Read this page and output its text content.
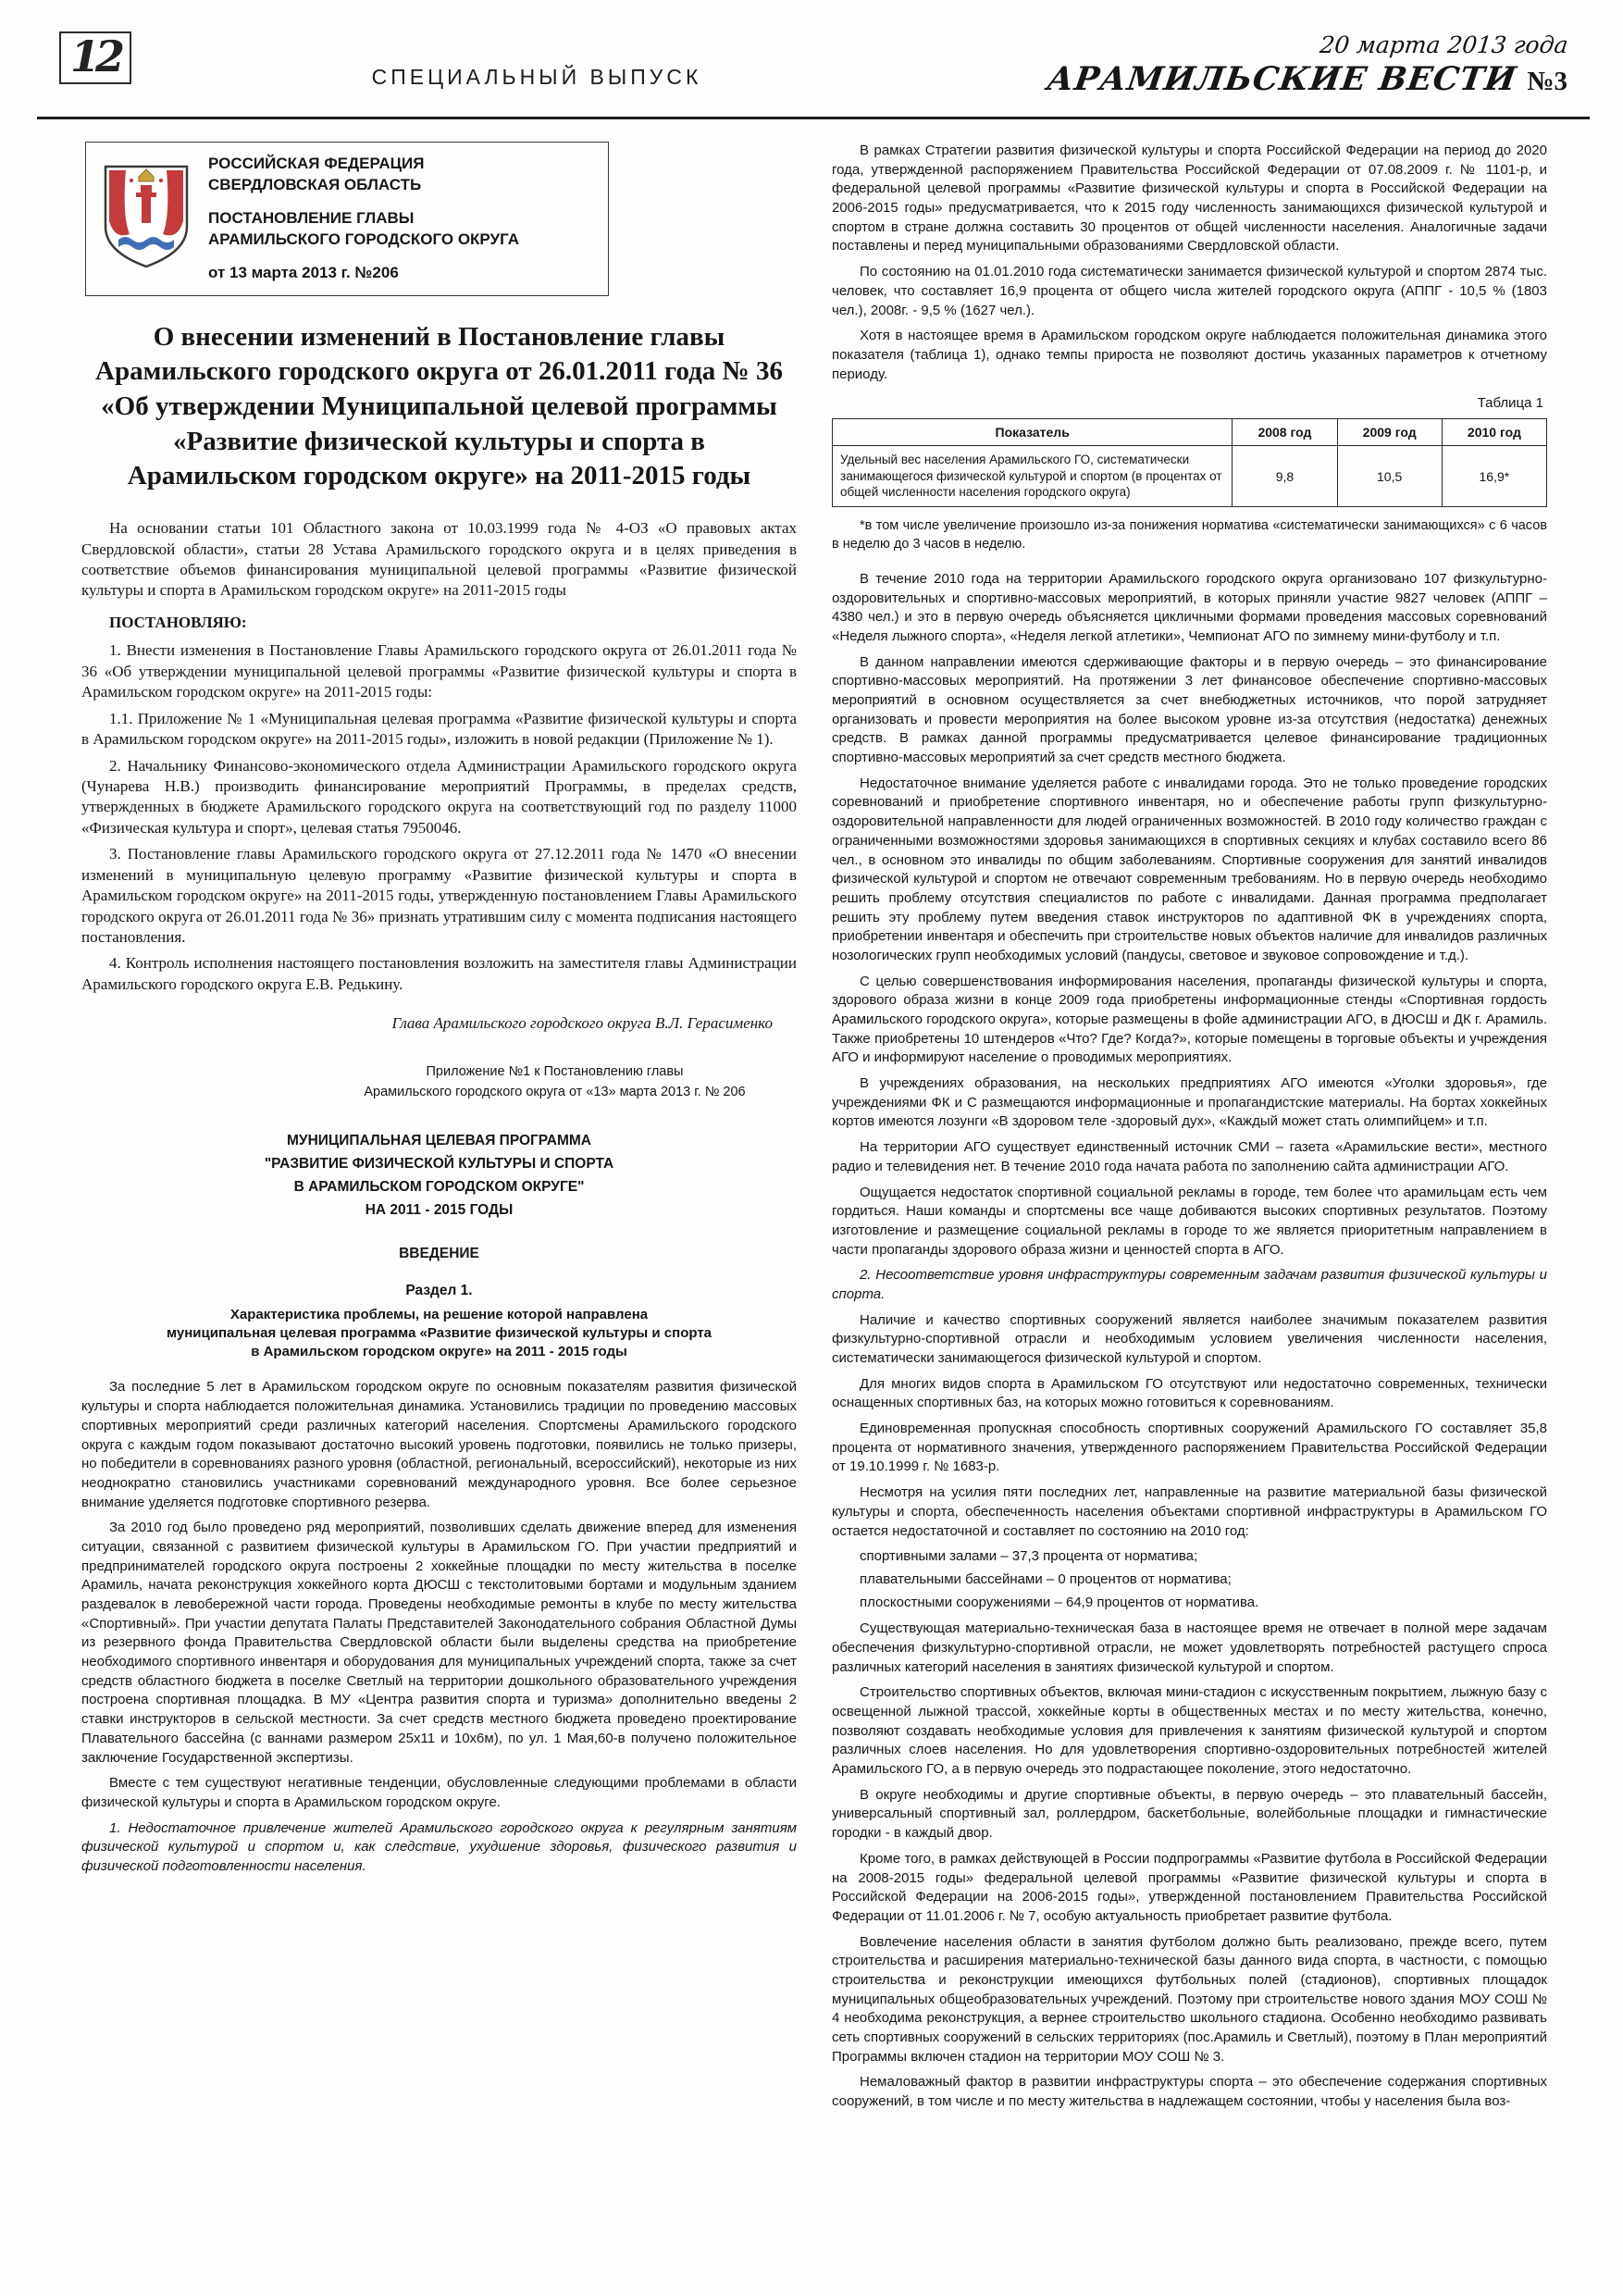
12	СПЕЦИАЛЬНЫЙ ВЫПУСК
20 марта 2013 года
АРАМИЛЬСКИЕ ВЕСТИ №3
РОССИЙСКАЯ ФЕДЕРАЦИЯ
СВЕРДЛОВСКАЯ ОБЛАСТЬ
ПОСТАНОВЛЕНИЕ ГЛАВЫ
АРАМИЛЬСКОГО ГОРОДСКОГО ОКРУГА
от 13 марта 2013 г. №206
О внесении изменений в Постановление главы Арамильского городского округа от 26.01.2011 года № 36 «Об утверждении Муниципальной целевой программы «Развитие физической культуры и спорта в Арамильском городском округе» на 2011-2015 годы

На основании статьи 101 Областного закона от 10.03.1999 года № 4-ОЗ «О правовых актах Свердловской области», статьи 28 Устава Арамильского городского округа и в целях приведения в соответствие объемов финансирования муниципальной целевой программы «Развитие физической культуры и спорта в Арамильском городском округе» на 2011-2015 годы

ПОСТАНОВЛЯЮ:

1. Внести изменения в Постановление Главы Арамильского городского округа от 26.01.2011 года № 36 «Об утверждении муниципальной целевой программы «Развитие физической культуры и спорта в Арамильском городском округе» на 2011-2015 годы:

1.1. Приложение № 1 «Муниципальная целевая программа «Развитие физической культуры и спорта в Арамильском городском округе» на 2011-2015 годы», изложить в новой редакции (Приложение № 1).

2. Начальнику Финансово-экономического отдела Администрации Арамильского городского округа (Чунарева Н.В.) производить финансирование мероприятий Программы, в пределах средств, утвержденных в бюджете Арамильского городского округа на соответствующий год по разделу 11000 «Физическая культура и спорт», целевая статья 7950046.

3. Постановление главы Арамильского городского округа от 27.12.2011 года № 1470 «О внесении изменений в муниципальную целевую программу «Развитие физической культуры и спорта в Арамильском городском округе» на 2011-2015 годы, утвержденную постановлением Главы Арамильского городского округа от 26.01.2011 года № 36» признать утратившим силу с момента подписания настоящего постановления.

4. Контроль исполнения настоящего постановления возложить на заместителя главы Администрации Арамильского городского округа Е.В. Редькину.

Глава Арамильского городского округа В.Л. Герасименко

Приложение №1 к Постановлению главы
Арамильского городского округа от «13» марта 2013 г. № 206
МУНИЦИПАЛЬНАЯ ЦЕЛЕВАЯ ПРОГРАММА
"РАЗВИТИЕ ФИЗИЧЕСКОЙ КУЛЬТУРЫ И СПОРТА
В АРАМИЛЬСКОМ ГОРОДСКОМ ОКРУГЕ"
НА 2011 - 2015 ГОДЫ
ВВЕДЕНИЕ
Раздел 1.
Характеристика проблемы, на решение которой направлена
муниципальная целевая программа «Развитие физической культуры и спорта
в Арамильском городском округе» на 2011 - 2015 годы

За последние 5 лет в Арамильском городском округе по основным показателям развития физической культуры и спорта наблюдается положительная динамика. Установились традиции по проведению массовых спортивных мероприятий среди различных категорий населения. Спортсмены Арамильского городского округа с каждым годом показывают достаточно высокий уровень подготовки, появились не только призеры, но победители в соревнованиях разного уровня (областной, региональный, всероссийский), некоторые из них неоднократно становились участниками соревнований международного уровня. Все более серьезное внимание уделяется подготовке спортивного резерва.

За 2010 год было проведено ряд мероприятий, позволивших сделать движение вперед для изменения ситуации, связанной с развитием физической культуры в Арамильском ГО. При участии предприятий и предпринимателей городского округа построены 2 хоккейные площадки по месту жительства в поселке Арамиль, начата реконструкция хоккейного корта ДЮСШ с текстолитовыми бортами и модульным зданием раздевалок в левобережной части города. Проведены необходимые ремонты в клубе по месту жительства «Спортивный». При участии депутата Палаты Представителей Законодательного собрания Областной Думы из резервного фонда Правительства Свердловской области были выделены средства на приобретение необходимого спортивного инвентаря и оборудования для муниципальных учреждений спорта, также за счет средств областного бюджета в поселке Светлый на территории дошкольного образовательного учреждения построена спортивная площадка. В МУ «Центра развития спорта и туризма» дополнительно введены 2 ставки инструкторов в сельской местности. За счет средств местного бюджета проведено проектирование Плавательного бассейна (с ваннами размером 25х11 и 10х6м), по ул. 1 Мая,60-в получено положительное заключение Государственной экспертизы.

Вместе с тем существуют негативные тенденции, обусловленные следующими проблемами в области физической культуры и спорта в Арамильском городском округе.

1. Недостаточное привлечение жителей Арамильского городского округа к регулярным занятиям физической культурой и спортом и, как следствие, ухудшение здоровья, физического развития и физической подготовленности населения.

В рамках Стратегии развития физической культуры и спорта Российской Федерации на период до 2020 года, утвержденной распоряжением Правительства Российской Федерации от 07.08.2009 г. № 1101-р, и федеральной целевой программы «Развитие физической культуры и спорта в Российской Федерации на 2006-2015 годы» предусматривается, что к 2015 году численность занимающихся физической культурой и спортом в стране должна составить 30 процентов от общей численности населения. Аналогичные задачи поставлены и перед муниципальными образованиями Свердловской области.

По состоянию на 01.01.2010 года систематически занимается физической культурой и спортом 2874 тыс. человек, что составляет 16,9 процента от общего числа жителей городского округа (АППГ - 10,5 % (1803 чел.), 2008г. - 9,5 % (1627 чел.).

Хотя в настоящее время в Арамильском городском округе наблюдается положительная динамика этого показателя (таблица 1), однако темпы прироста не позволяют достичь указанных параметров к отчетному периоду.

Таблица 1
Показатель	2008 год	2009 год	2010 год
Удельный вес населения Арамильского ГО, систематически занимающегося физической культурой и спортом (в процентах от общей численности населения городского округа)	9,8	10,5	16,9*

*в том числе увеличение произошло из-за понижения норматива «систематически занимающихся» с 6 часов в неделю до 3 часов в неделю.

В течение 2010 года на территории Арамильского городского округа организовано 107 физкультурно-оздоровительных и спортивно-массовых мероприятий, в которых приняли участие 9827 человек (АППГ – 4380 чел.) и это в первую очередь объясняется цикличными формами проведения массовых соревнований «Неделя лыжного спорта», «Неделя легкой атлетики», Чемпионат АГО по зимнему мини-футболу и т.п.

В данном направлении имеются сдерживающие факторы и в первую очередь – это финансирование спортивно-массовых мероприятий. На протяжении 3 лет финансовое обеспечение спортивно-массовых мероприятий в основном осуществляется за счет внебюджетных источников, что порой затрудняет организовать и провести мероприятия на более высоком уровне из-за отсутствия (недостатка) денежных средств. В рамках данной программы предусматривается целевое финансирование традиционных спортивно-массовых мероприятий за счет средств местного бюджета.

Недостаточное внимание уделяется работе с инвалидами города. Это не только проведение городских соревнований и приобретение спортивного инвентаря, но и обеспечение работы групп физкультурно-оздоровительной направленности для людей ограниченных возможностей. В 2010 году количество граждан с ограниченными возможностями здоровья занимающихся в спортивных секциях и клубах составило всего 86 чел., в основном это инвалиды по общим заболеваниям. Спортивные сооружения для занятий инвалидов физической культурой и спортом не отвечают современным требованиям. Но в первую очередь необходимо решить проблему отсутствия специалистов по работе с инвалидами. Данная программа предполагает решить эту проблему путем введения ставок инструкторов по адаптивной ФК в учреждениях спорта, приобретении инвентаря и обеспечить при строительстве новых объектов наличие для инвалидов различных нозологических групп необходимых условий (пандусы, световое и звуковое сопровождение и т.д.).

С целью совершенствования информирования населения, пропаганды физической культуры и спорта, здорового образа жизни в конце 2009 года приобретены информационные стенды «Спортивная гордость Арамильского городского округа», которые размещены в фойе администрации АГО, в ДЮСШ и ДК г. Арамиль. Также приобретены 10 штендеров «Что? Где? Когда?», которые помещены в торговые объекты и учреждения АГО и информируют население о проводимых мероприятиях.

В учреждениях образования, на нескольких предприятиях АГО имеются «Уголки здоровья», где учреждениями ФК и С размещаются информационные и пропагандистские материалы. На бортах хоккейных кортов имеются лозунги «В здоровом теле -здоровый дух», «Каждый может стать олимпийцем» и т.п.

На территории АГО существует единственный источник СМИ – газета «Арамильские вести», местного радио и телевидения нет. В течение 2010 года начата работа по заполнению сайта администрации АГО.

Ощущается недостаток спортивной социальной рекламы в городе, тем более что арамильцам есть чем гордиться. Наши команды и спортсмены все чаще добиваются высоких спортивных результатов. Поэтому изготовление и размещение социальной рекламы в городе то же является приоритетным направлением в части пропаганды здорового образа жизни и ценностей спорта в АГО.

2. Несоответствие уровня инфраструктуры современным задачам развития физической культуры и спорта.

Наличие и качество спортивных сооружений является наиболее значимым показателем развития физкультурно-спортивной отрасли и необходимым условием увеличения численности населения, систематически занимающегося физической культурой и спортом.

Для многих видов спорта в Арамильском ГО отсутствуют или недостаточно современных, технически оснащенных спортивных баз, на которых можно готовиться к соревнованиям.

Единовременная пропускная способность спортивных сооружений Арамильского ГО составляет 35,8 процента от нормативного значения, утвержденного распоряжением Правительства Российской Федерации от 19.10.1999 г. № 1683-р.

Несмотря на усилия пяти последних лет, направленные на развитие материальной базы физической культуры и спорта, обеспеченность населения объектами спортивной инфраструктуры в Арамильском ГО остается недостаточной и составляет по состоянию на 2010 год:

спортивными залами – 37,3 процента от норматива;

плавательными бассейнами – 0 процентов от норматива;

плоскостными сооружениями – 64,9 процентов от норматива.

Существующая материально-техническая база в настоящее время не отвечает в полной мере задачам обеспечения физкультурно-спортивной отрасли, не может удовлетворять потребностей растущего спроса различных категорий населения в занятиях физической культурой и спортом.

Строительство спортивных объектов, включая мини-стадион с искусственным покрытием, лыжную базу с освещенной лыжной трассой, хоккейные корты в общественных местах и по месту жительства, конечно, позволяют создавать необходимые условия для привлечения к занятиям физической культурой и спортом различных слоев населения. Но для удовлетворения спортивно-оздоровительных потребностей жителей Арамильского ГО, а в первую очередь это подрастающее поколение, этого недостаточно.

В округе необходимы и другие спортивные объекты, в первую очередь – это плавательный бассейн, универсальный спортивный зал, роллердром, баскетбольные, волейбольные площадки и гимнастические городки - в каждый двор.

Кроме того, в рамках действующей в России подпрограммы «Развитие футбола в Российской Федерации на 2008-2015 годы» федеральной целевой программы «Развитие физической культуры и спорта в Российской Федерации на 2006-2015 годы», утвержденной постановлением Правительства Российской Федерации от 11.01.2006 г. № 7, особую актуальность приобретает развитие футбола.

Вовлечение населения области в занятия футболом должно быть реализовано, прежде всего, путем строительства и расширения материально-технической базы данного вида спорта, в частности, с помощью строительства и реконструкции имеющихся футбольных полей (стадионов), спортивных площадок муниципальных общеобразовательных учреждений. Поэтому при строительстве нового здания МОУ СОШ № 4 необходима реконструкция, а вернее строительство школьного стадиона. Особенно необходимо развивать сеть спортивных сооружений в сельских территориях (пос.Арамиль и Светлый), поэтому в План мероприятий Программы включен стадион на территории МОУ СОШ № 3.

Немаловажный фактор в развитии инфраструктуры спорта – это обеспечение содержания спортивных сооружений, в том числе и по месту жительства в надлежащем состоянии, чтобы у населения была воз-
